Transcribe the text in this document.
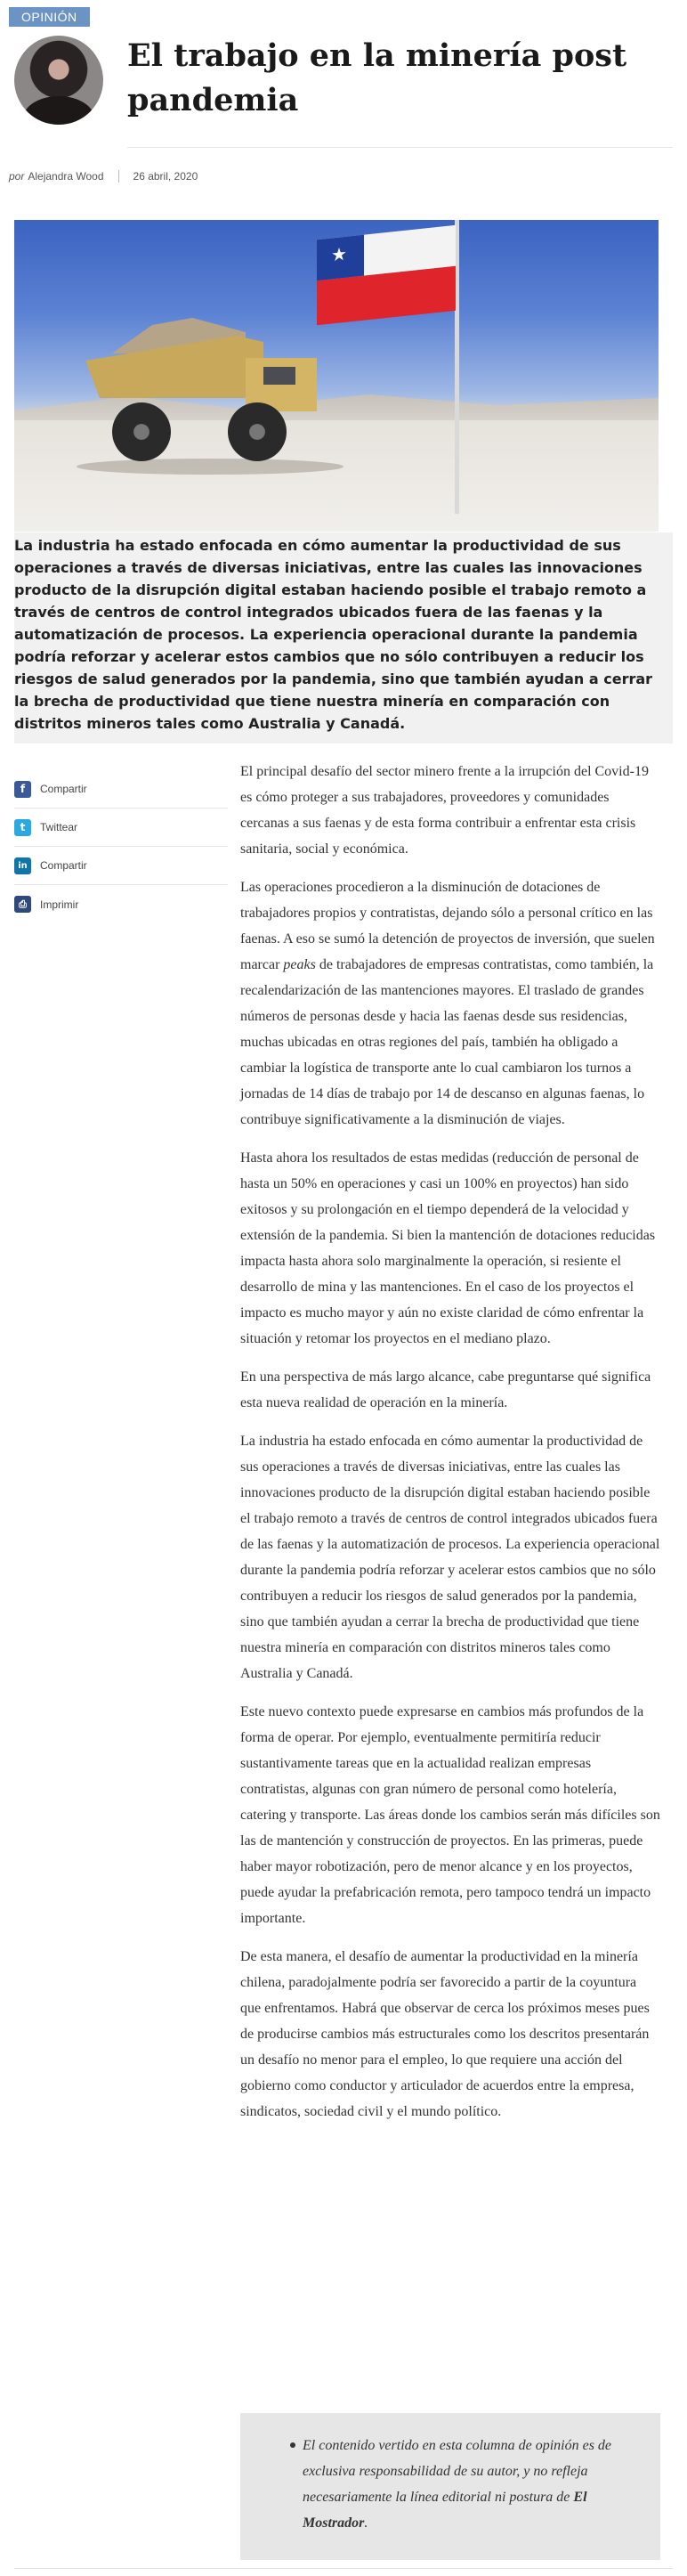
OPINIÓN
El trabajo en la minería post pandemia
por Alejandra Wood	26 abril, 2020
★
La industria ha estado enfocada en cómo aumentar la productividad de sus operaciones a través de diversas iniciativas, entre las cuales las innovaciones producto de la disrupción digital estaban haciendo posible el trabajo remoto a través de centros de control integrados ubicados fuera de las faenas y la automatización de procesos. La experiencia operacional durante la pandemia podría reforzar y acelerar estos cambios que no sólo contribuyen a reducir los riesgos de salud generados por la pandemia, sino que también ayudan a cerrar la brecha de productividad que tiene nuestra minería en comparación con distritos mineros tales como Australia y Canadá.
f	Compartir
t	Twittear
in	Compartir
⎙	Imprimir

El principal desafío del sector minero frente a la irrupción del Covid-19 es cómo proteger a sus trabajadores, proveedores y comunidades cercanas a sus faenas y de esta forma contribuir a enfrentar esta crisis sanitaria, social y económica.

Las operaciones procedieron a la disminución de dotaciones de trabajadores propios y contratistas, dejando sólo a personal crítico en las faenas. A eso se sumó la detención de proyectos de inversión, que suelen marcar peaks de trabajadores de empresas contratistas, como también, la recalendarización de las mantenciones mayores. El traslado de grandes números de personas desde y hacia las faenas desde sus residencias, muchas ubicadas en otras regiones del país, también ha obligado a cambiar la logística de transporte ante lo cual cambiaron los turnos a jornadas de 14 días de trabajo por 14 de descanso en algunas faenas, lo contribuye significativamente a la disminución de viajes.

Hasta ahora los resultados de estas medidas (reducción de personal de hasta un 50% en operaciones y casi un 100% en proyectos) han sido exitosos y su prolongación en el tiempo dependerá de la velocidad y extensión de la pandemia. Si bien la mantención de dotaciones reducidas impacta hasta ahora solo marginalmente la operación, si resiente el desarrollo de mina y las mantenciones. En el caso de los proyectos el impacto es mucho mayor y aún no existe claridad de cómo enfrentar la situación y retomar los proyectos en el mediano plazo.

En una perspectiva de más largo alcance, cabe preguntarse qué significa esta nueva realidad de operación en la minería.

La industria ha estado enfocada en cómo aumentar la productividad de sus operaciones a través de diversas iniciativas, entre las cuales las innovaciones producto de la disrupción digital estaban haciendo posible el trabajo remoto a través de centros de control integrados ubicados fuera de las faenas y la automatización de procesos. La experiencia operacional durante la pandemia podría reforzar y acelerar estos cambios que no sólo contribuyen a reducir los riesgos de salud generados por la pandemia, sino que también ayudan a cerrar la brecha de productividad que tiene nuestra minería en comparación con distritos mineros tales como Australia y Canadá.

Este nuevo contexto puede expresarse en cambios más profundos de la forma de operar. Por ejemplo, eventualmente permitiría reducir sustantivamente tareas que en la actualidad realizan empresas contratistas, algunas con gran número de personal como hotelería, catering y transporte. Las áreas donde los cambios serán más difíciles son las de mantención y construcción de proyectos. En las primeras, puede haber mayor robotización, pero de menor alcance y en los proyectos, puede ayudar la prefabricación remota, pero tampoco tendrá un impacto importante.

De esta manera, el desafío de aumentar la productividad en la minería chilena, paradojalmente podría ser favorecido a partir de la coyuntura que enfrentamos. Habrá que observar de cerca los próximos meses pues de producirse cambios más estructurales como los descritos presentarán un desafío no menor para el empleo, lo que requiere una acción del gobierno como conductor y articulador de acuerdos entre la empresa, sindicatos, sociedad civil y el mundo político.

El contenido vertido en esta columna de opinión es de exclusiva responsabilidad de su autor, y no refleja necesariamente la línea editorial ni postura de El Mostrador.
